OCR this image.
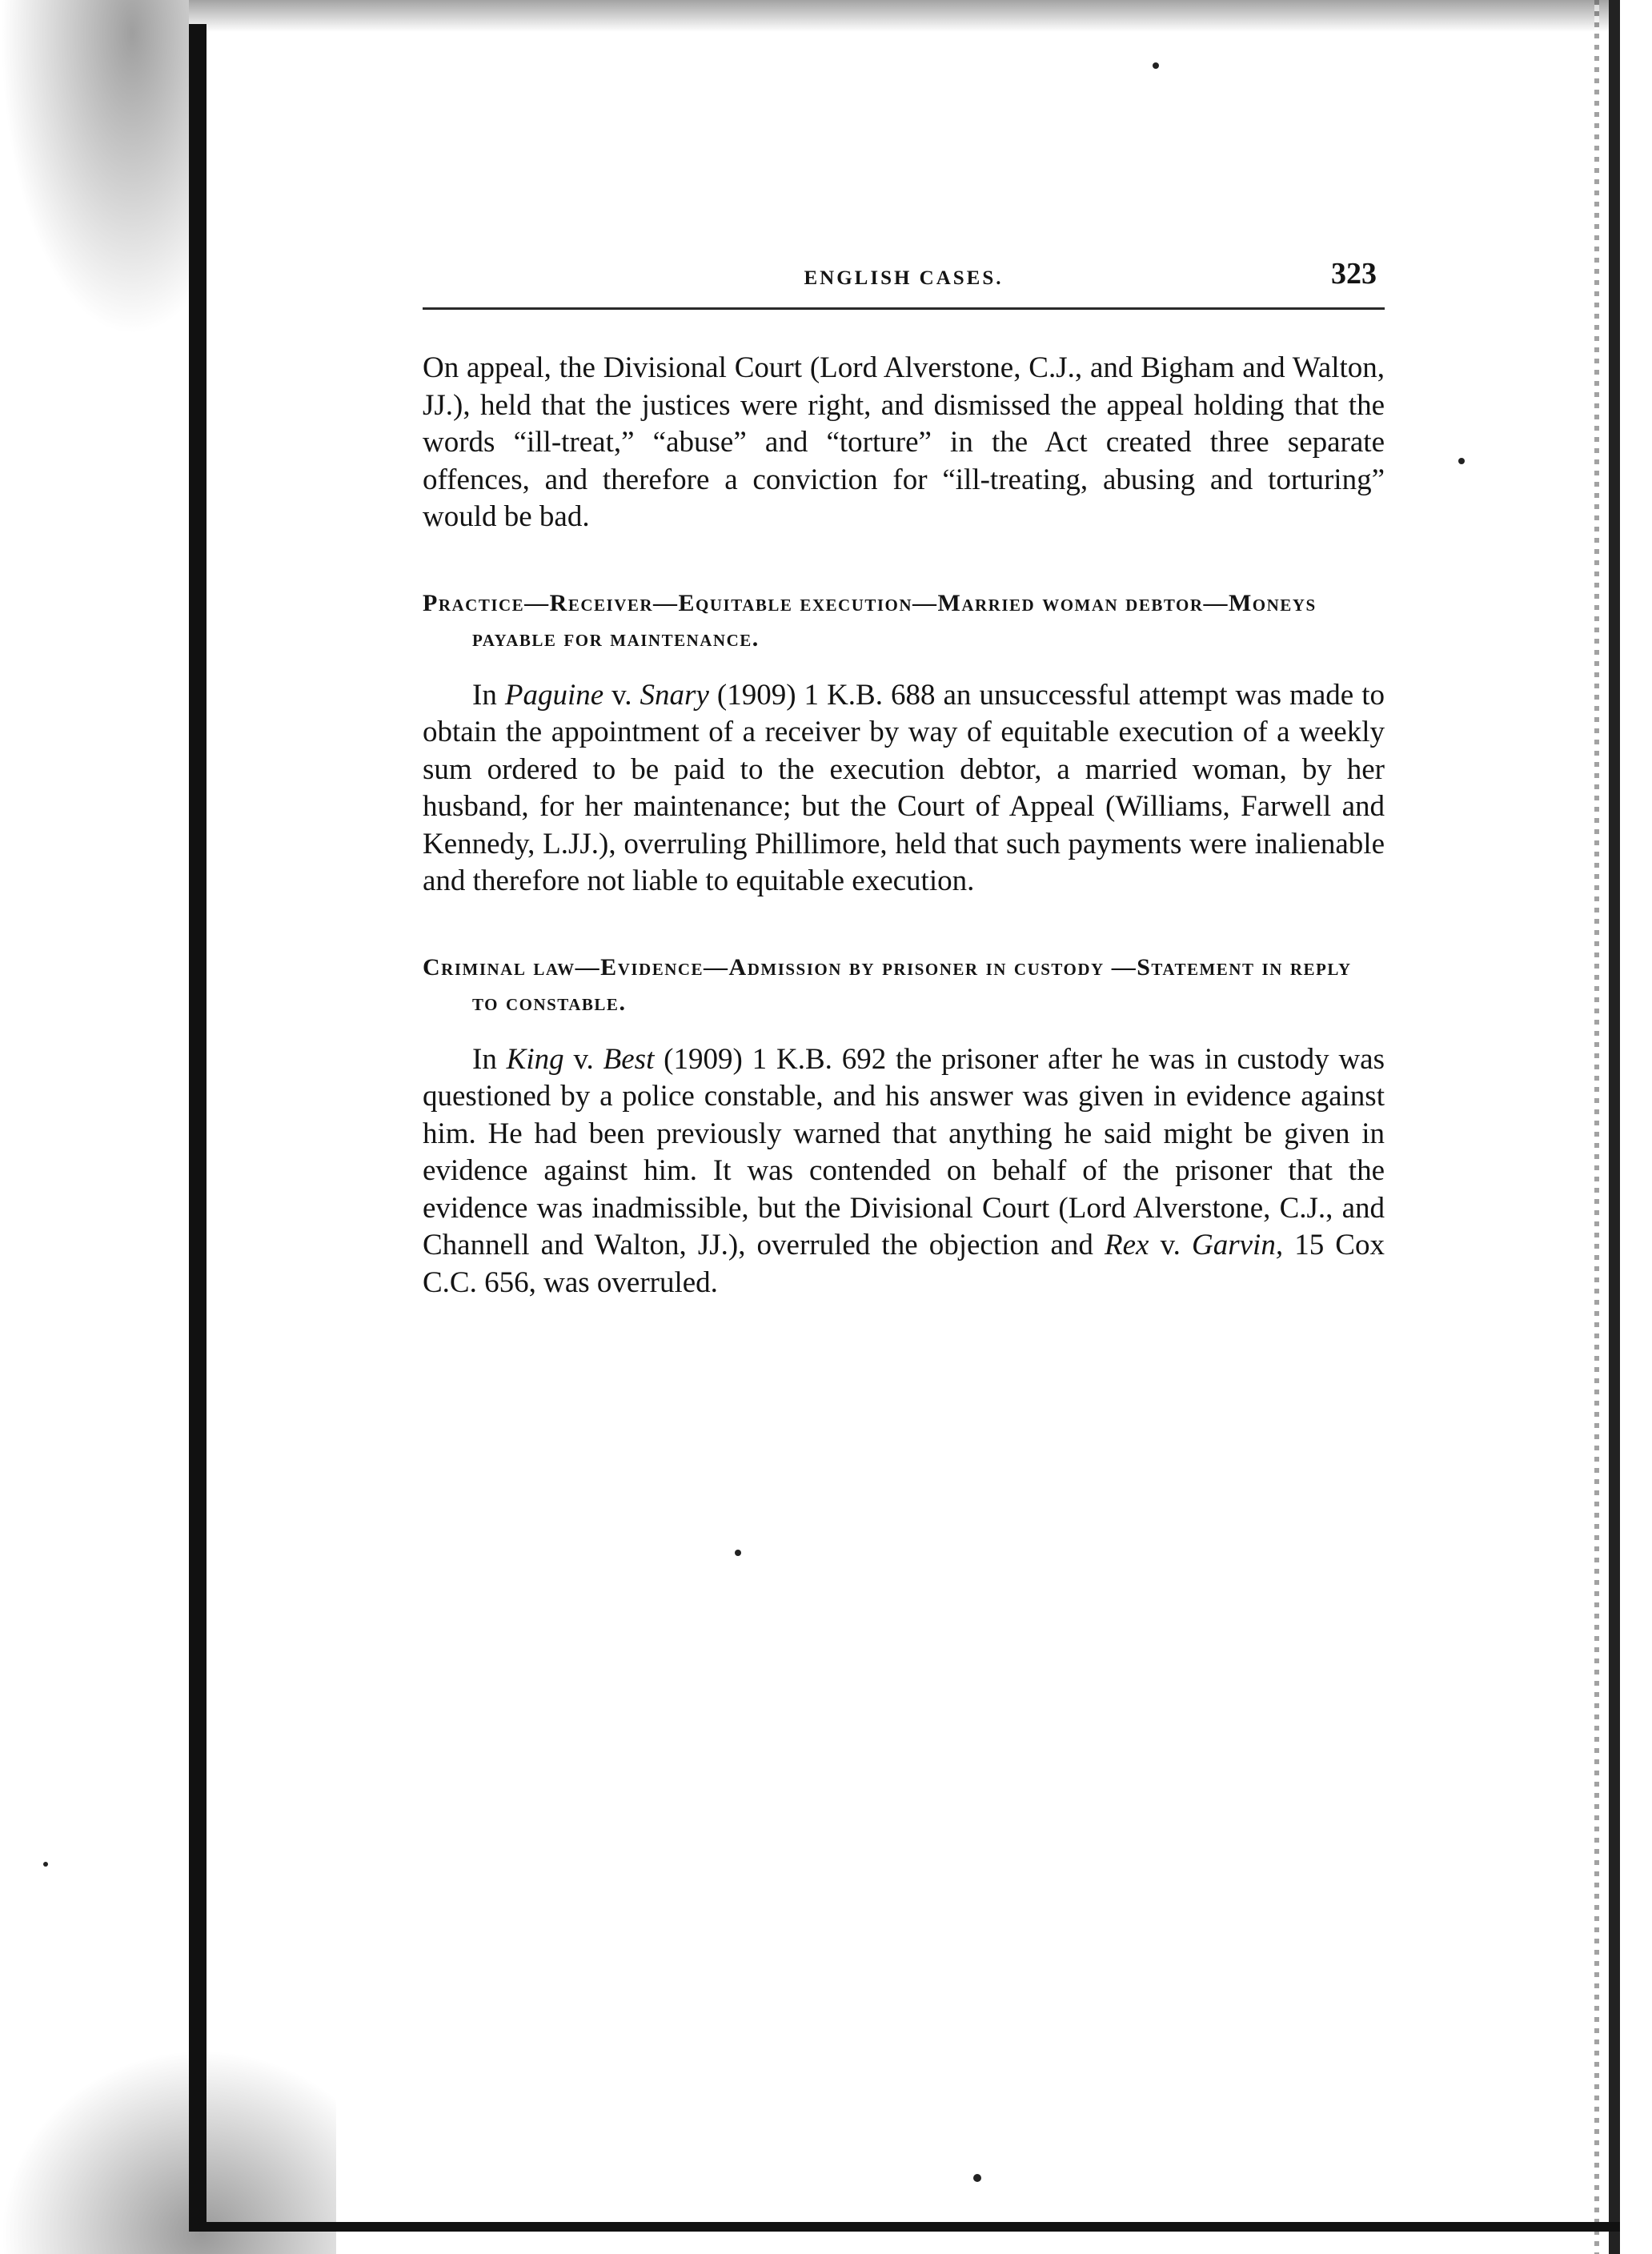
ENGLISH CASES.	323

On appeal, the Divisional Court (Lord Alverstone, C.J., and Bigham and Walton, JJ.), held that the justices were right, and dismissed the appeal holding that the words “ill-treat,” “abuse” and “torture” in the Act created three separate offences, and therefore a conviction for “ill-treating, abusing and torturing” would be bad.

Practice—Receiver—Equitable execution—Married woman debtor—Moneys payable for maintenance.

In Paguine v. Snary (1909) 1 K.B. 688 an unsuccessful attempt was made to obtain the appointment of a receiver by way of equitable execution of a weekly sum ordered to be paid to the execution debtor, a married woman, by her husband, for her maintenance; but the Court of Appeal (Williams, Farwell and Kennedy, L.JJ.), overruling Phillimore, held that such payments were inalienable and therefore not liable to equitable execution.

Criminal law—Evidence—Admission by prisoner in custody —Statement in reply to constable.

In King v. Best (1909) 1 K.B. 692 the prisoner after he was in custody was questioned by a police constable, and his answer was given in evidence against him. He had been previously warned that anything he said might be given in evidence against him. It was contended on behalf of the prisoner that the evidence was inadmissible, but the Divisional Court (Lord Alverstone, C.J., and Channell and Walton, JJ.), overruled the objection and Rex v. Garvin, 15 Cox C.C. 656, was overruled.
